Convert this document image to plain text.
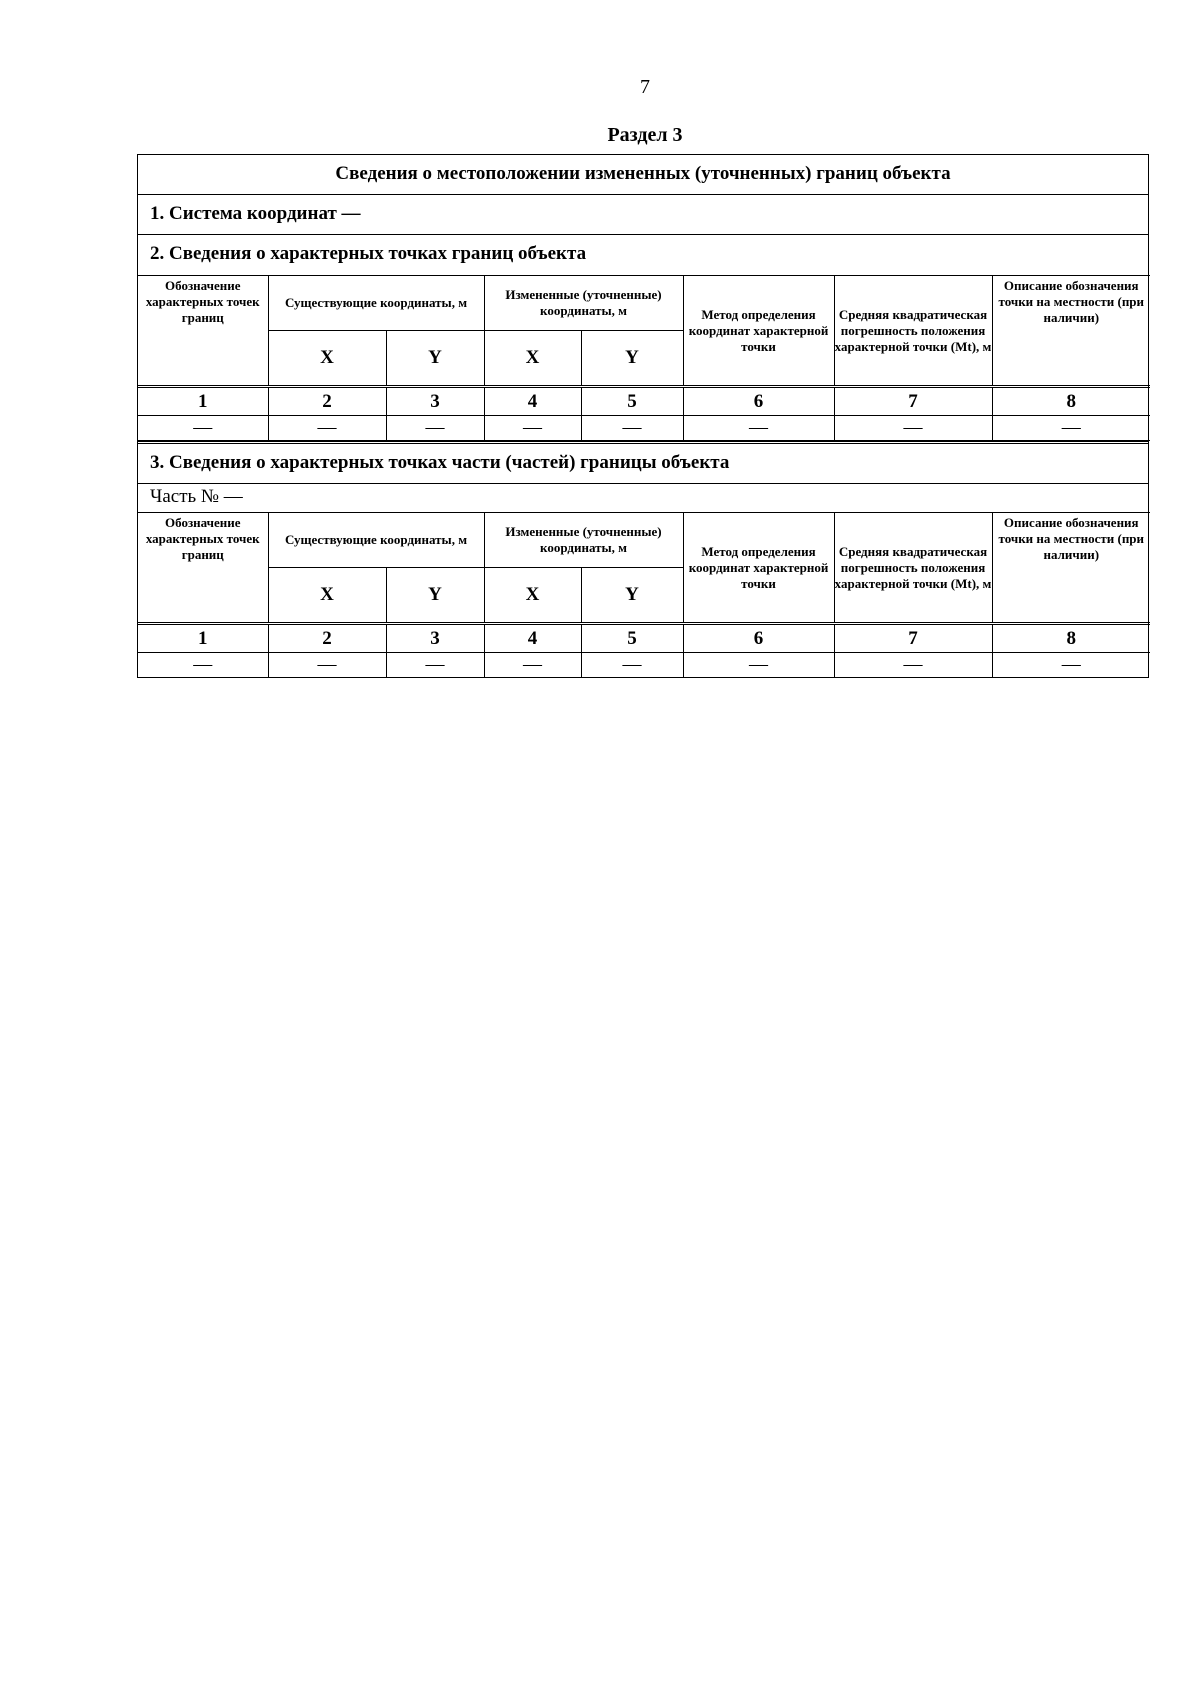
7
Раздел 3
Сведения о местоположении измененных (уточненных) границ объекта
1. Система координат —
2. Сведения о характерных точках границ объекта
Обозначение характерных точек границ	Существующие координаты, м		Измененные (уточненные) координаты, м		Метод определения координат характерной точки	Средняя квадратическая погрешность положения характерной точки (Mt), м	Описание обозначения точки на местности (при наличии)
	X	Y	X	Y			
1	2	3	4	5	6	7	8
—	—	—	—	—	—	—	—
3. Сведения о характерных точках части (частей) границы объекта
Часть № —
Обозначение характерных точек границ	Существующие координаты, м		Измененные (уточненные) координаты, м		Метод определения координат характерной точки	Средняя квадратическая погрешность положения характерной точки (Mt), м	Описание обозначения точки на местности (при наличии)
	X	Y	X	Y			
1	2	3	4	5	6	7	8
—	—	—	—	—	—	—	—
